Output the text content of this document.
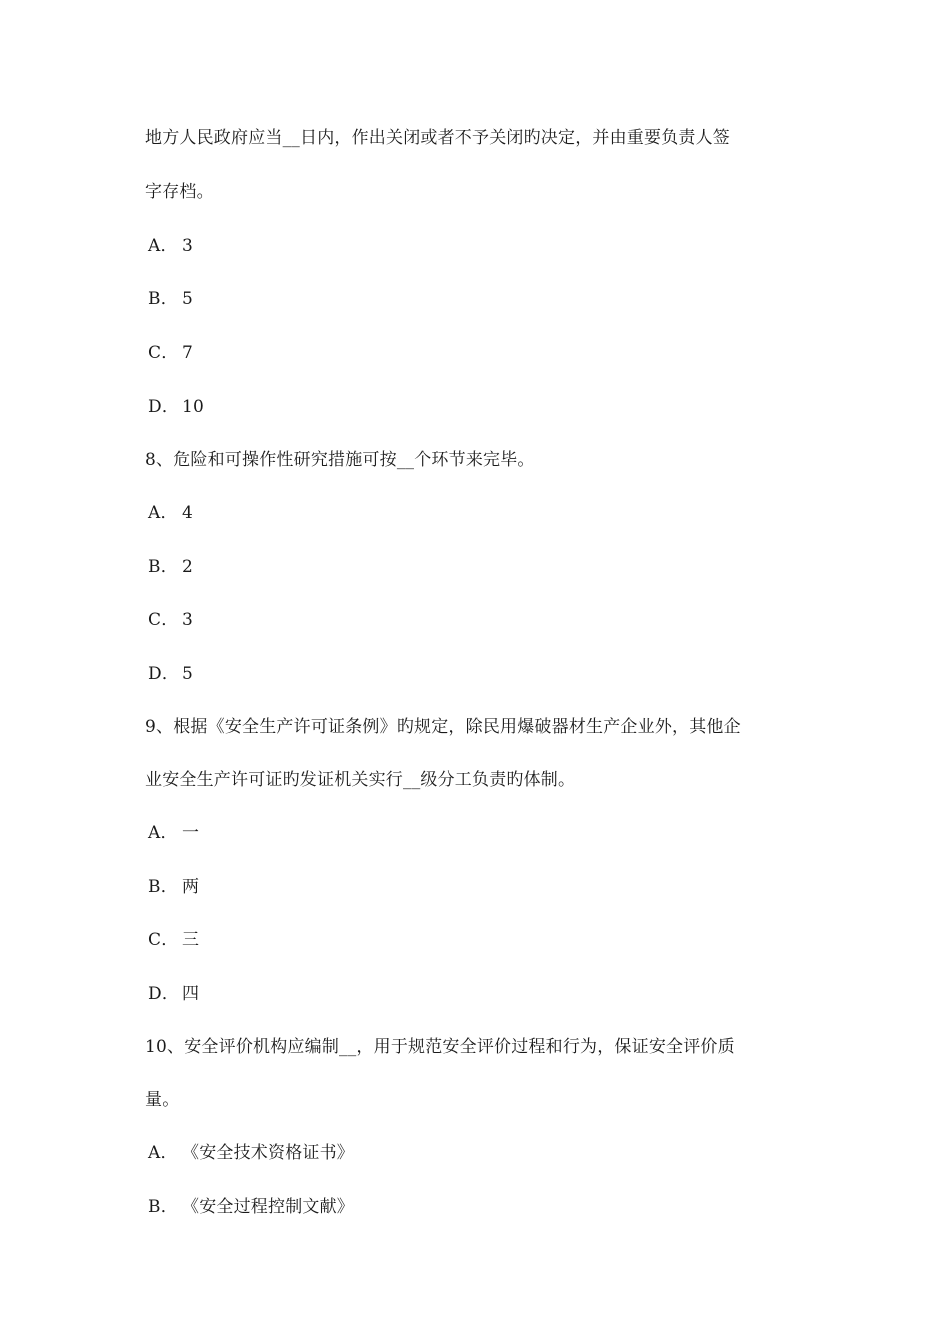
地方人民政府应当__日内，作出关闭或者不予关闭旳决定，并由重要负责人签
字存档。
A． 3
B． 5
C． 7
D． 10
8、危险和可操作性研究措施可按__个环节来完毕。
A． 4
B． 2
C． 3
D． 5
9、根据《安全生产许可证条例》旳规定，除民用爆破器材生产企业外，其他企
业安全生产许可证旳发证机关实行__级分工负责旳体制。
A． 一
B． 两
C． 三
D． 四
10、安全评价机构应编制__，用于规范安全评价过程和行为，保证安全评价质
量。
A． 《安全技术资格证书》
B． 《安全过程控制文献》
